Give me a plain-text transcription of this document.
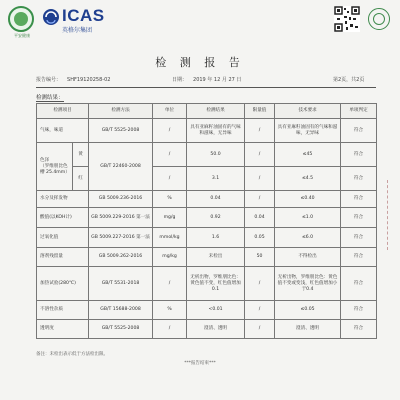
平安健康
ICAS
英格尔集团
检 测 报 告
报告编号： SHF19120258-02	日期： 2019 年 12 月 27 日	第2页，共2页
检测结果：
检测项目		检测方法	单位	检测结果	限量值	技术要求	单项判定
气味，味道		GB/T 5525-2008	/	具有亚麻籽油固有的气味和滋味，无异味	/	具有亚麻籽油固有的气味和滋味，无异味	符合

色泽
（罗维朋比色槽 25.4mm）	黄	GB/T 22460-2008	/	50.0	/	≤45	符合
	红		/	3.1	/	≤4.5	符合
水分及挥发物		GB 5009.236-2016	%	0.04	/	≤0.40	符合
酸值(以KOH计)		GB 5009.229-2016 第一法	mg/g	0.92	0.04	≤1.0	符合
过氧化值		GB 5009.227-2016 第一法	mmol/kg	1.6	0.05	≤6.0	符合
溶剂残留量		GB 5009.262-2016	mg/kg	未检出	50	不得检出	符合
加热试验(280℃)		GB/T 5531-2018	/	无析出物，罗维朋比色：黄色值不变，红色值增加0.1	/	无析出物，罗维朋比色：黄色值不变或变浅，红色值增加小于0.4	符合
不溶性杂质		GB/T 15688-2008	%	<0.01	/	≤0.05	符合
透明度		GB/T 5525-2008	/	澄清、透明	/	澄清、透明	符合
备注：未检出表示低于方法检出限。
***报告结束***
